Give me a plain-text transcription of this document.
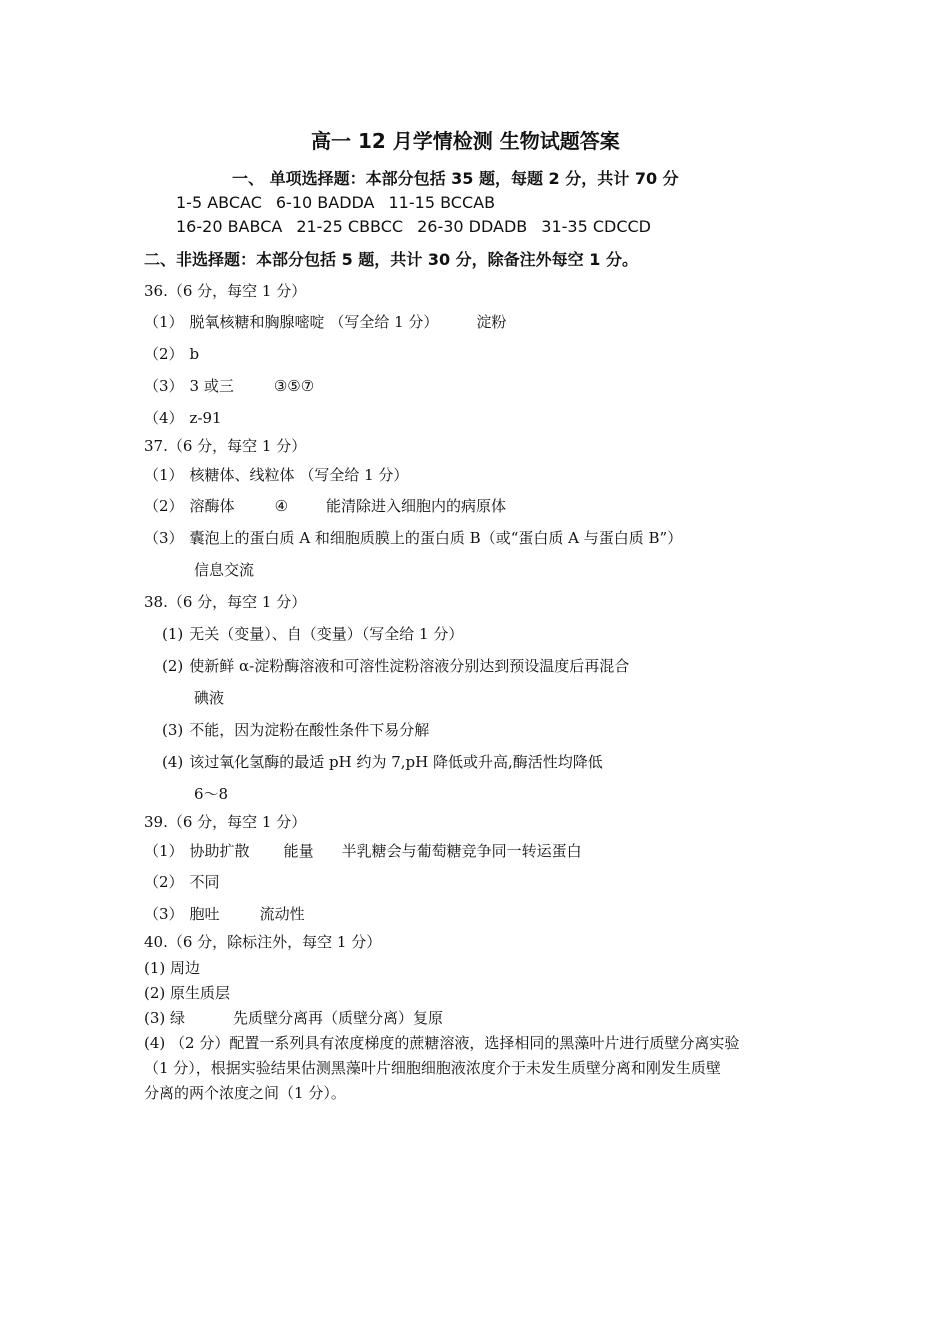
高一 12 月学情检测 生物试题答案
一、 单项选择题：本部分包括 35 题，每题 2 分，共计 70 分
1-5 ABCAC 6-10 BADDA 11-15 BCCAB
16-20 BABCA 21-25 CBBCC 26-30 DDADB 31-35 CDCCD
二、非选择题：本部分包括 5 题，共计 30 分，除备注外每空 1 分。
36.（6 分，每空 1 分）
（1） 脱氧核糖和胸腺嘧啶 （写全给 1 分）	淀粉
（2） b
（3） 3 或三	③⑤⑦
（4） z-91
37.（6 分，每空 1 分）
（1） 核糖体、线粒体 （写全给 1 分）
（2） 溶酶体	④	能清除进入细胞内的病原体
（3） 囊泡上的蛋白质 A 和细胞质膜上的蛋白质 B（或“蛋白质 A 与蛋白质 B”）
信息交流
38.（6 分，每空 1 分）
(1) 无关（变量）、自（变量）（写全给 1 分）
(2) 使新鲜 α-淀粉酶溶液和可溶性淀粉溶液分别达到预设温度后再混合
碘液
(3) 不能，因为淀粉在酸性条件下易分解
(4) 该过氧化氢酶的最适 pH 约为 7,pH 降低或升高,酶活性均降低
6～8
39.（6 分，每空 1 分）
（1） 协助扩散 能量 半乳糖会与葡萄糖竞争同一转运蛋白
（2） 不同
（3） 胞吐	流动性
40.（6 分，除标注外，每空 1 分）
(1) 周边
(2) 原生质层
(3) 绿	先质壁分离再（质壁分离）复原
(4) （2 分）配置一系列具有浓度梯度的蔗糖溶液，选择相同的黑藻叶片进行质壁分离实验
（1 分），根据实验结果估测黑藻叶片细胞细胞液浓度介于未发生质壁分离和刚发生质壁
分离的两个浓度之间（1 分）。
